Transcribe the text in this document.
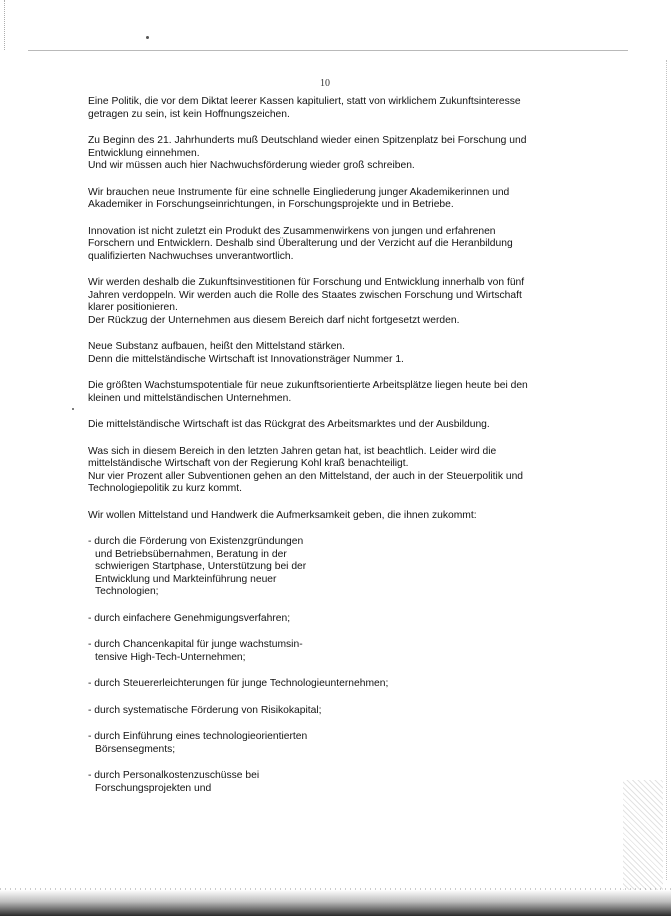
10

Eine Politik, die vor dem Diktat leerer Kassen kapituliert, statt von wirklichem Zukunftsinteresse
getragen zu sein, ist kein Hoffnungszeichen.

Zu Beginn des 21. Jahrhunderts muß Deutschland wieder einen Spitzenplatz bei Forschung und
Entwicklung einnehmen.
Und wir müssen auch hier Nachwuchsförderung wieder groß schreiben.

Wir brauchen neue Instrumente für eine schnelle Eingliederung junger Akademikerinnen und
Akademiker in Forschungseinrichtungen, in Forschungsprojekte und in Betriebe.

Innovation ist nicht zuletzt ein Produkt des Zusammenwirkens von jungen und erfahrenen
Forschern und Entwicklern. Deshalb sind Überalterung und der Verzicht auf die Heranbildung
qualifizierten Nachwuchses unverantwortlich.

Wir werden deshalb die Zukunftsinvestitionen für Forschung und Entwicklung innerhalb von fünf
Jahren verdoppeln. Wir werden auch die Rolle des Staates zwischen Forschung und Wirtschaft
klarer positionieren.
Der Rückzug der Unternehmen aus diesem Bereich darf nicht fortgesetzt werden.

Neue Substanz aufbauen, heißt den Mittelstand stärken.
Denn die mittelständische Wirtschaft ist Innovationsträger Nummer 1.

Die größten Wachstumspotentiale für neue zukunftsorientierte Arbeitsplätze liegen heute bei den
kleinen und mittelständischen Unternehmen.

Die mittelständische Wirtschaft ist das Rückgrat des Arbeitsmarktes und der Ausbildung.

Was sich in diesem Bereich in den letzten Jahren getan hat, ist beachtlich. Leider wird die
mittelständische Wirtschaft von der Regierung Kohl kraß benachteiligt.
Nur vier Prozent aller Subventionen gehen an den Mittelstand, der auch in der Steuerpolitik und
Technologiepolitik zu kurz kommt.

Wir wollen Mittelstand und Handwerk die Aufmerksamkeit geben, die ihnen zukommt:

- durch die Förderung von Existenzgründungen
und Betriebsübernahmen, Beratung in der
schwierigen Startphase, Unterstützung bei der
Entwicklung und Markteinführung neuer
Technologien;
- durch einfachere Genehmigungsverfahren;
- durch Chancenkapital für junge wachstumsin-
tensive High-Tech-Unternehmen;
- durch Steuererleichterungen für junge Technologieunternehmen;
- durch systematische Förderung von Risikokapital;
- durch Einführung eines technologieorientierten
Börsensegments;
- durch Personalkostenzuschüsse bei
Forschungsprojekten und
